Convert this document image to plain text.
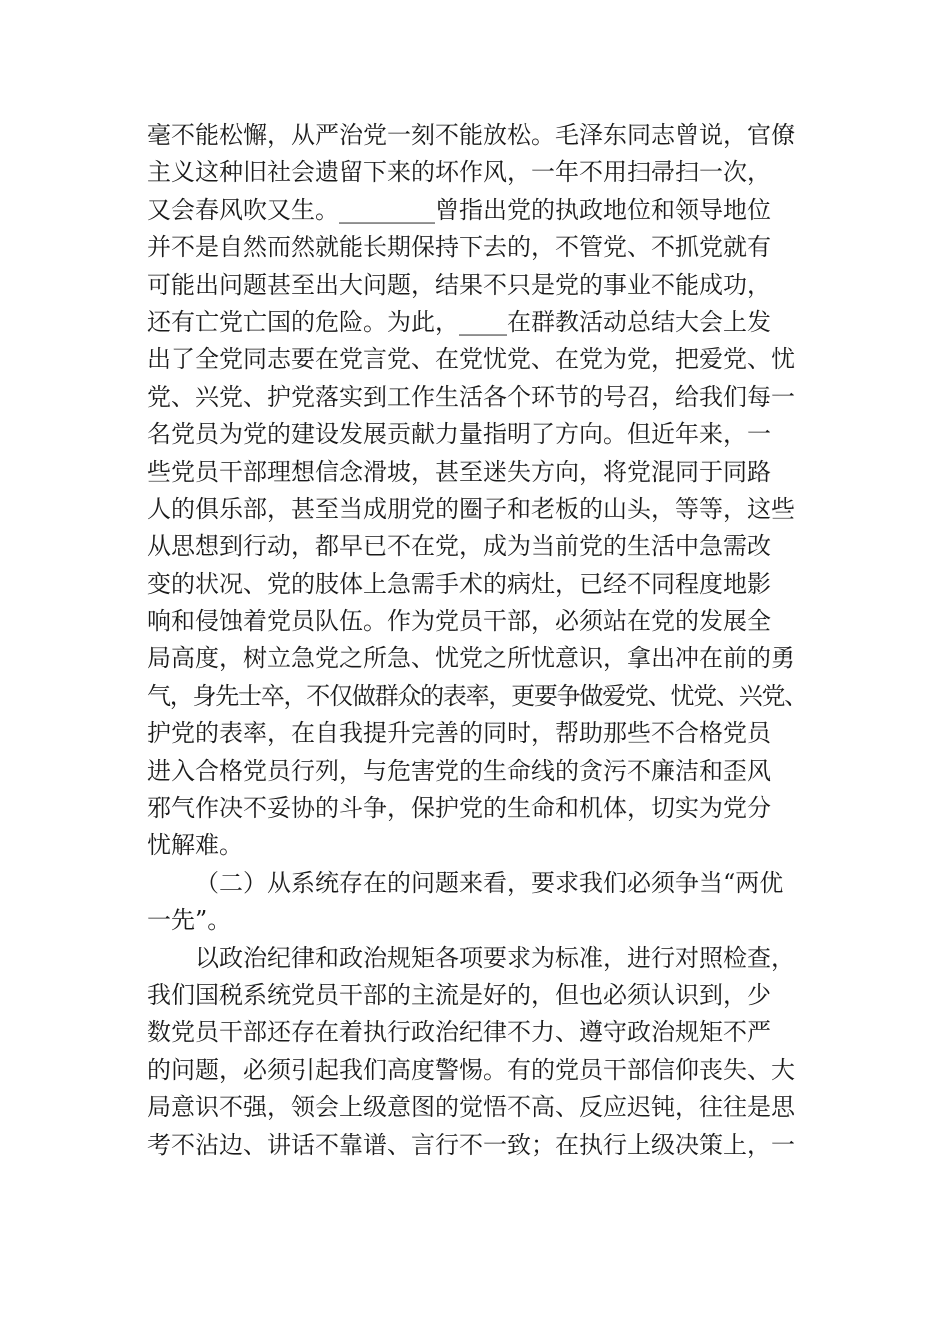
毫不能松懈，从严治党一刻不能放松。毛泽东同志曾说，官僚
主义这种旧社会遗留下来的坏作风，一年不用扫帚扫一次，
又会春风吹又生。________曾指出党的执政地位和领导地位
并不是自然而然就能长期保持下去的，不管党、不抓党就有
可能出问题甚至出大问题，结果不只是党的事业不能成功，
还有亡党亡国的危险。为此，____在群教活动总结大会上发
出了全党同志要在党言党、在党忧党、在党为党，把爱党、忧
党、兴党、护党落实到工作生活各个环节的号召，给我们每一
名党员为党的建设发展贡献力量指明了方向。但近年来，一
些党员干部理想信念滑坡，甚至迷失方向，将党混同于同路
人的俱乐部，甚至当成朋党的圈子和老板的山头，等等，这些
从思想到行动，都早已不在党，成为当前党的生活中急需改
变的状况、党的肢体上急需手术的病灶，已经不同程度地影
响和侵蚀着党员队伍。作为党员干部，必须站在党的发展全
局高度，树立急党之所急、忧党之所忧意识，拿出冲在前的勇
气，身先士卒，不仅做群众的表率，更要争做爱党、忧党、兴党、
护党的表率，在自我提升完善的同时，帮助那些不合格党员
进入合格党员行列，与危害党的生命线的贪污不廉洁和歪风
邪气作决不妥协的斗争，保护党的生命和机体，切实为党分
忧解难。
（二）从系统存在的问题来看，要求我们必须争当“两优
一先”。
以政治纪律和政治规矩各项要求为标准，进行对照检查，
我们国税系统党员干部的主流是好的，但也必须认识到，少
数党员干部还存在着执行政治纪律不力、遵守政治规矩不严
的问题，必须引起我们高度警惕。有的党员干部信仰丧失、大
局意识不强，领会上级意图的觉悟不高、反应迟钝，往往是思
考不沾边、讲话不靠谱、言行不一致；在执行上级决策上，一
